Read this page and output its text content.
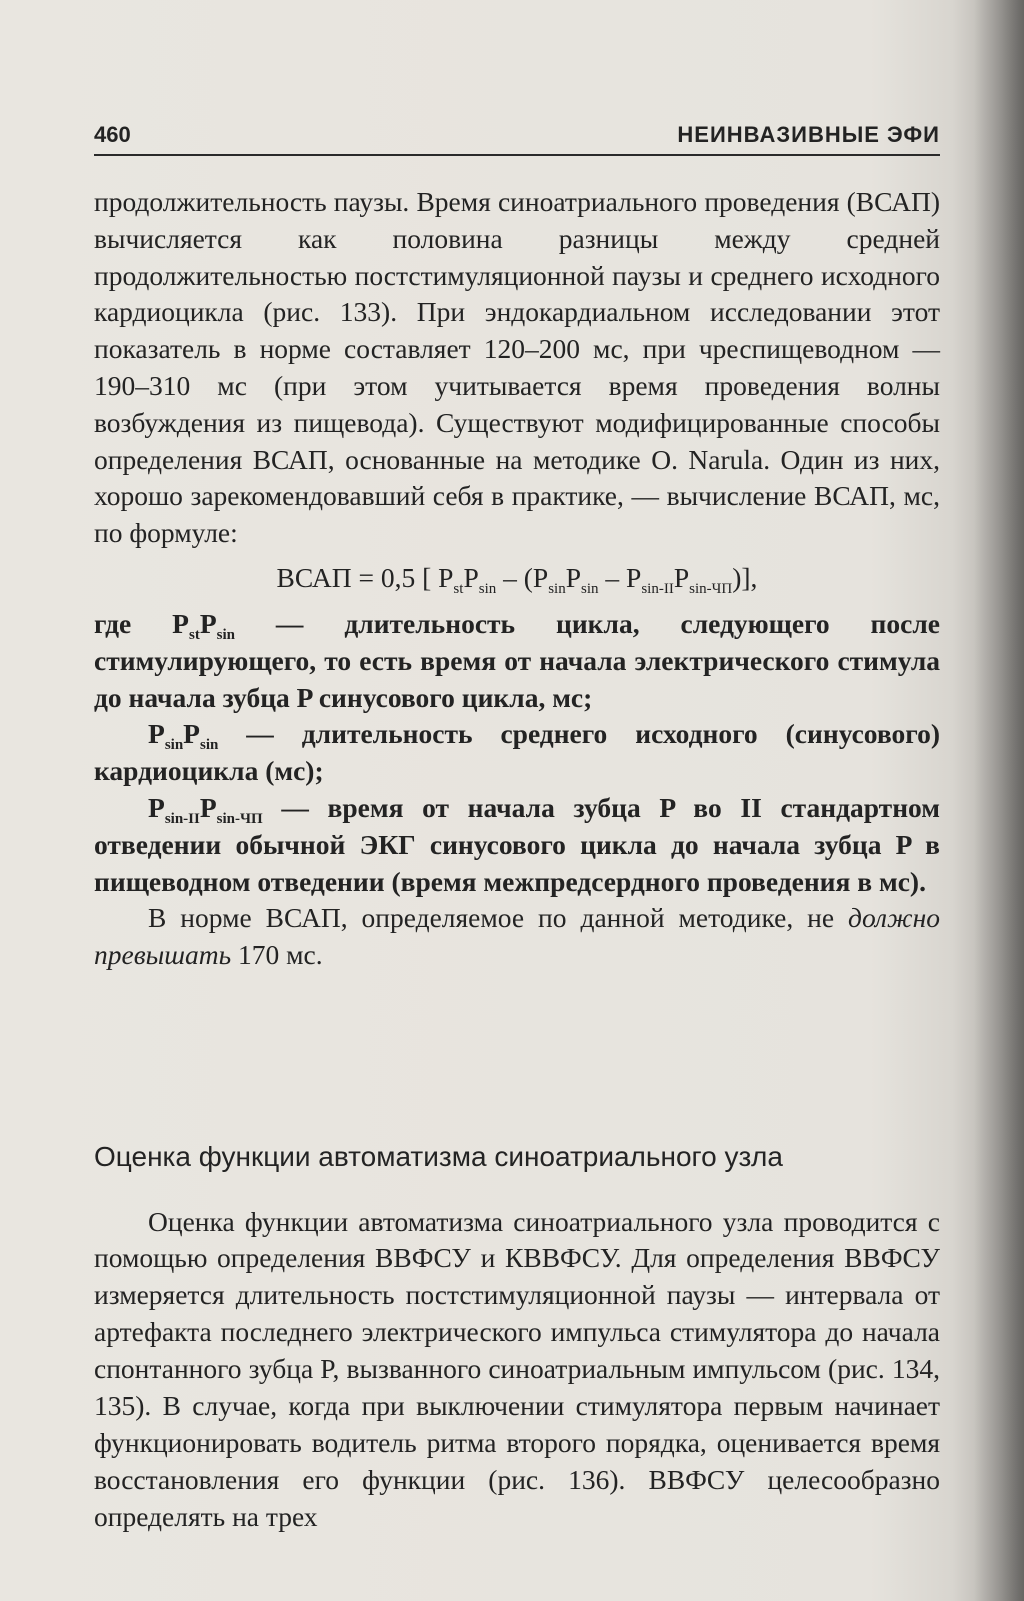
460	НЕИНВАЗИВНЫЕ ЭФИ

продолжительность паузы. Время синоатриального проведения (ВСАП) вычисляется как половина разницы между средней продолжительностью постстимуляционной паузы и среднего исходного кардиоцикла (рис. 133). При эндокардиальном исследовании этот показатель в норме составляет 120–200 мс, при чреспищеводном — 190–310 мс (при этом учитывается время проведения волны возбуждения из пищевода). Существуют модифицированные способы определения ВСАП, основанные на методике О. Narula. Один из них, хорошо зарекомендовавший себя в практике, — вычисление ВСАП, мс, по формуле:

ВСАП = 0,5 [ $P_{st}P_{sin} - (P_{sin}P_{sin} - P_{sin-II}P_{sin-ЧП})$],

где $P_{st}P_{sin}$ — длительность цикла, следующего после стимулирующего, то есть время от начала электрического стимула до начала зубца P синусового цикла, мс;

$P_{sin}P_{sin}$ — длительность среднего исходного (синусового) кардиоцикла (мс);

$P_{sin-II}P_{sin-ЧП}$ — время от начала зубца P во II стандартном отведении обычной ЭКГ синусового цикла до начала зубца P в пищеводном отведении (время межпредсердного проведения в мс).

В норме ВСАП, определяемое по данной методике, не должно превышать 170 мс.

Оценка функции автоматизма синоатриального узла

Оценка функции автоматизма синоатриального узла проводится с помощью определения ВВФСУ и КВВФСУ. Для определения ВВФСУ измеряется длительность постстимуляционной паузы — интервала от артефакта последнего электрического импульса стимулятора до начала спонтанного зубца P, вызванного синоатриальным импульсом (рис. 134, 135). В случае, когда при выключении стимулятора первым начинает функционировать водитель ритма второго порядка, оценивается время восстановления его функции (рис. 136). ВВФСУ целесообразно определять на трех
